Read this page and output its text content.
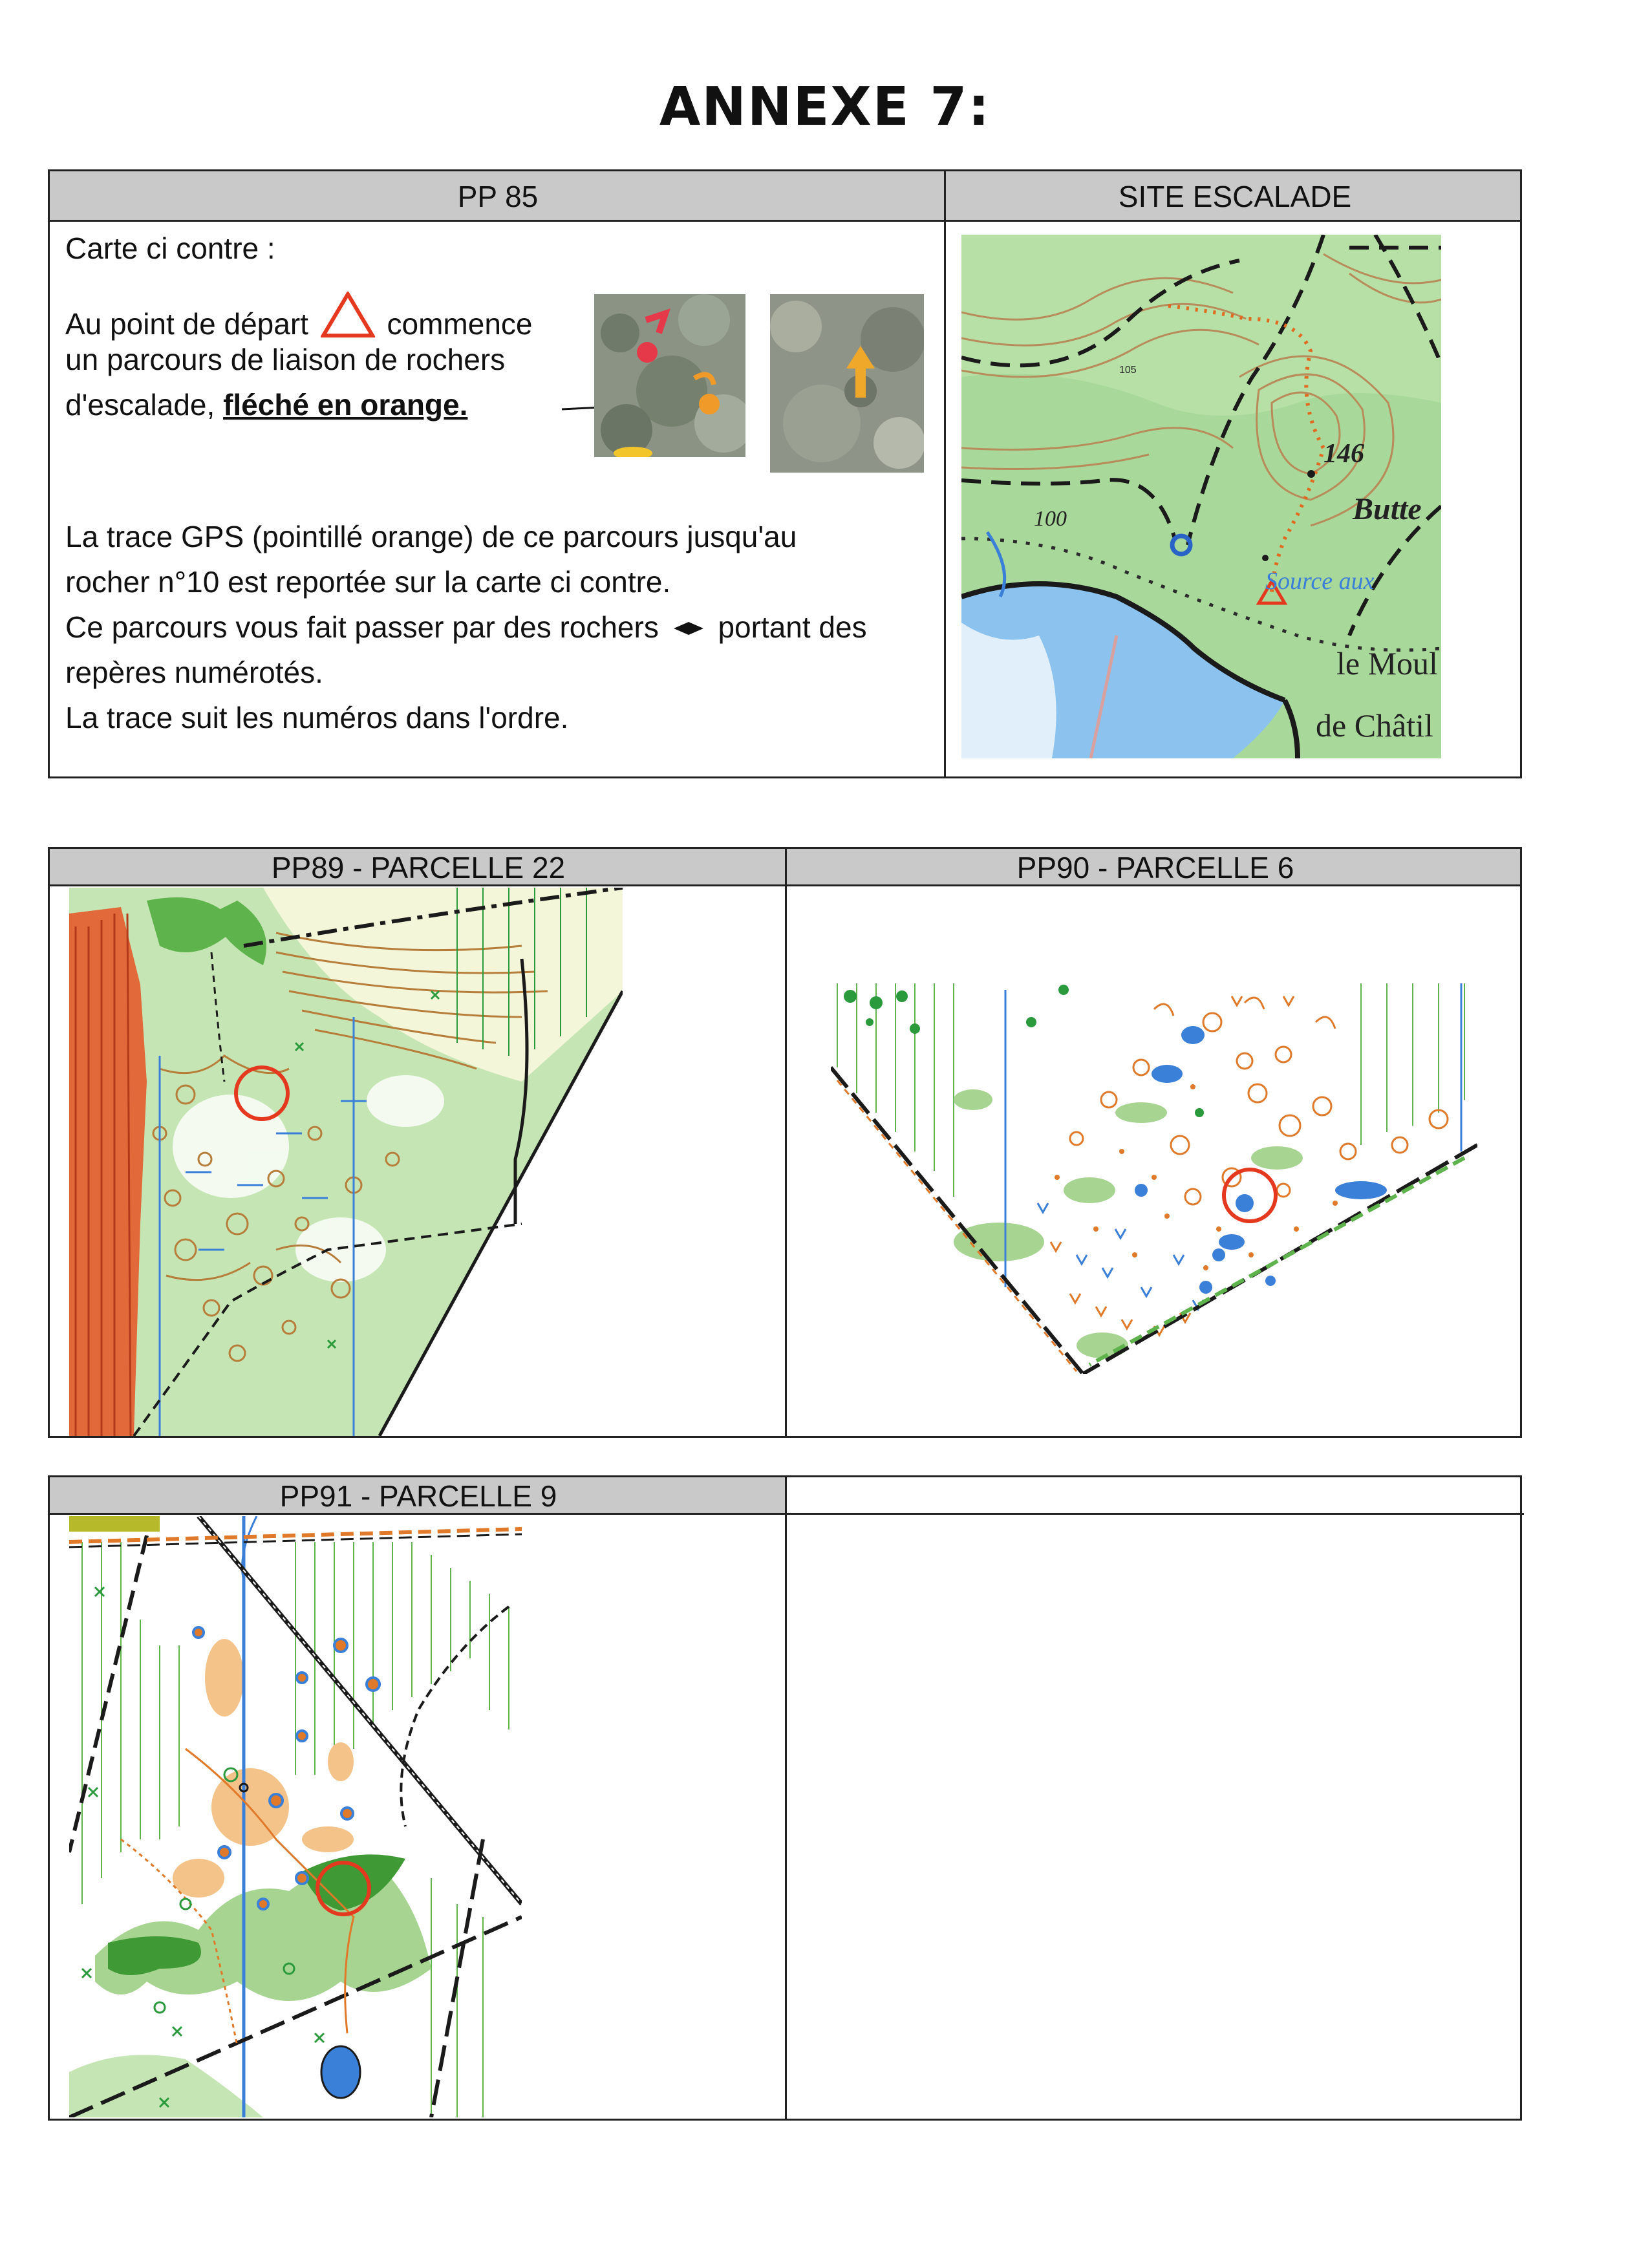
ANNEXE 7:
PP 85	SITE ESCALADE
Carte ci contre :
Au point de départ	commence
un parcours de liaison de rochers
d'escalade, fléché en orange.
La trace GPS (pointillé orange) de ce parcours jusqu'au
rocher n°10 est reportée sur la carte ci contre.
Ce parcours vous fait passer par des rochers portant des
repères numérotés.
La trace suit les numéros dans l'ordre.
146
100
105
Butte
Source aux
le Moul
de Châtil
PP89 - PARCELLE 22	PP90 - PARCELLE 6
PP91 - PARCELLE 9
